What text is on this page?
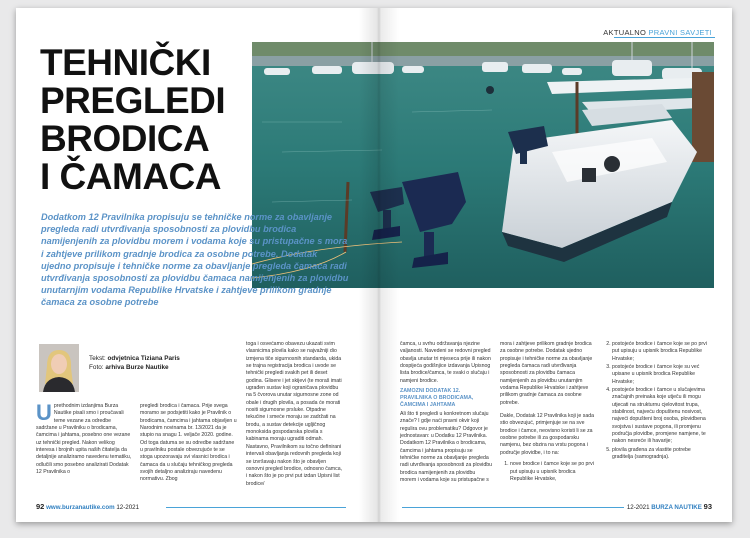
AKTUALNO PRAVNI SAVJETI
TEHNIČKI
PREGLEDI
BRODICA
I ČAMACA
Dodatkom 12 Pravilnika propisuju se tehničke norme za obavljanje pregleda radi utvrđivanja sposobnosti za plovidbu brodica namijenjenih za plovidbu morem i vodama koje su pristupačne s mora i zahtjeve prilikom gradnje brodica za osobne potrebe. Dodatak ujedno propisuje i tehničke norme za obavljanje pregleda čamaca radi utvrđivanja sposobnosti za plovidbu čamaca namijenjenih za plovidbu unutarnjim vodama Republike Hrvatske i zahtjeve prilikom gradnje čamaca za osobne potrebe
Tekst: odvjetnica Tiziana Paris
Foto: arhiva Burze Nautike
U prethodnim izdanjima Burza Nautike pisali smo i proučavali teme vezane za odredbe sadržane u Pravilniku o brodicama, čamcima i jahtama, posebno one vezane uz tehnički pregled. Nakon velikog interesa i brojnih upita naših čitatelja da detaljnije analiziramo navedenu tematiku, odlučili smo posebno analizirati Dodatak 12 Pravilnika o

pregledi brodica i čamaca. Prije svega moramo se podsjetiti kako je Pravilnik o brodicama, čamcima i jahtama objavljen u Narodnim novinama br. 13/2021 da je stupio na snagu 1. veljače 2020. godine. Od toga datuma se su odredbe sadržane u pravilniku postale obvezujuće te se stoga upozoravaju svi vlasnici brodica i čamaca da u slučaju tehničkog pregleda svojih detaljno analiziraju navedenu normativu. Zbog

toga i osvećamo obavezu ukazati svim vlasnicima plovila kako se najvažniji dio izmjena tiče sigurnosnih standarda, ukida se trajna registracija brodica i uvode se tehnički pregledi svakih pet ili deset godina. Glisere i jet skijevi (te moraš imati ugrađen sustav koji ograničava plovidbu na 5 čvorova unutar sigurnosne zone od obale i drugih plovila, a posada će morati nositi sigurnosne prsluke. Otpadne tekućine i smeće moraju se zadržati na brodu, a sustav detekcije ugljičnog monoksida gospodarska plovila s kabinama moraju ugraditi odmah. Nastavno, Pravilnikom su točno definirani intervali obavljanja redovnih pregleda koji se izvršavaju nakon što je obavljen osnovni pregled brodice, odnosno čamca, i nakon što je po prvi put izdan Upisni list brodice/

čamca, u svrhu održavanja njezine valjanosti. Navedeni se redovni pregled obavlja unutar tri mjeseca prije ili nakon dospijeća godišnjice izdavanja Upisnog lista brodice/čamca, te svaki o slučaju i namjeni brodice.

ZAMOZNI DODATAK 12. PRAVILNIKA O BRODICAMA, ČAMCIMA I JAHTAMA

Ali što ti pregledi u konkretnom slučaju znače? I gdje naći pravni okvir koji regulira ovu problematiku? Odgovor je jednostavan: u Dodatku 12 Pravilnika. Dodatkom 12 Pravilnika o brodicama, čamcima i jahtama propisuju se tehničke norme za obavljanje pregleda radi utvrđivanja sposobnosti za plovidbu brodica namijenjenih za plovidbu morem i vodama koje su pristupačne s

mora i zahtjeve prilikom gradnje brodica za osobne potrebe. Dodatak ujedno propisuje i tehničke norme za obavljanje pregleda čamaca radi utvrđivanja sposobnosti za plovidbu čamaca namijenjenih za plovidbu unutarnjim vodama Republike Hrvatske i zahtjeve prilikom gradnje čamaca za osobne potrebe.

Dakle, Dodatak 12 Pravilnika koji je sada stio obvezujuć, primjenjuje se na sve brodice i čamce, neovisno koristi li se za osobne potrebe ili za gospodarsku namjenu, bez obzira na vrstu pogona i područje plovidbe, i to na:

1. nove brodice i čamce koje se po prvi put upisuju u upisnik brodica Republike Hrvatske,
2. postojeće brodice i čamce koje se po prvi put upisuju u upisnik brodica Republike Hrvatske;
3. postojeće brodice i čamce koje su već upisane u upisnik brodica Republike Hrvatske;
4. postojeće brodice i čamce u slučajevima značajnih preinaka koje utječu ili mogu utjecati na strukturnu cjelovitost trupa, stabilnost, najveću dopuštenu nosivost, najveći dopušteni broj osoba, plovidbena svojstva i sustave pogona, ili promjenu područja plovidbe, promjene namjene, te nakon nesreće ili havarije;
5. plovila građena za vlastite potrebe graditelja (samogradnja).
92 www.burzanautike.com 12-2021	12-2021 BURZA NAUTIKE 93
